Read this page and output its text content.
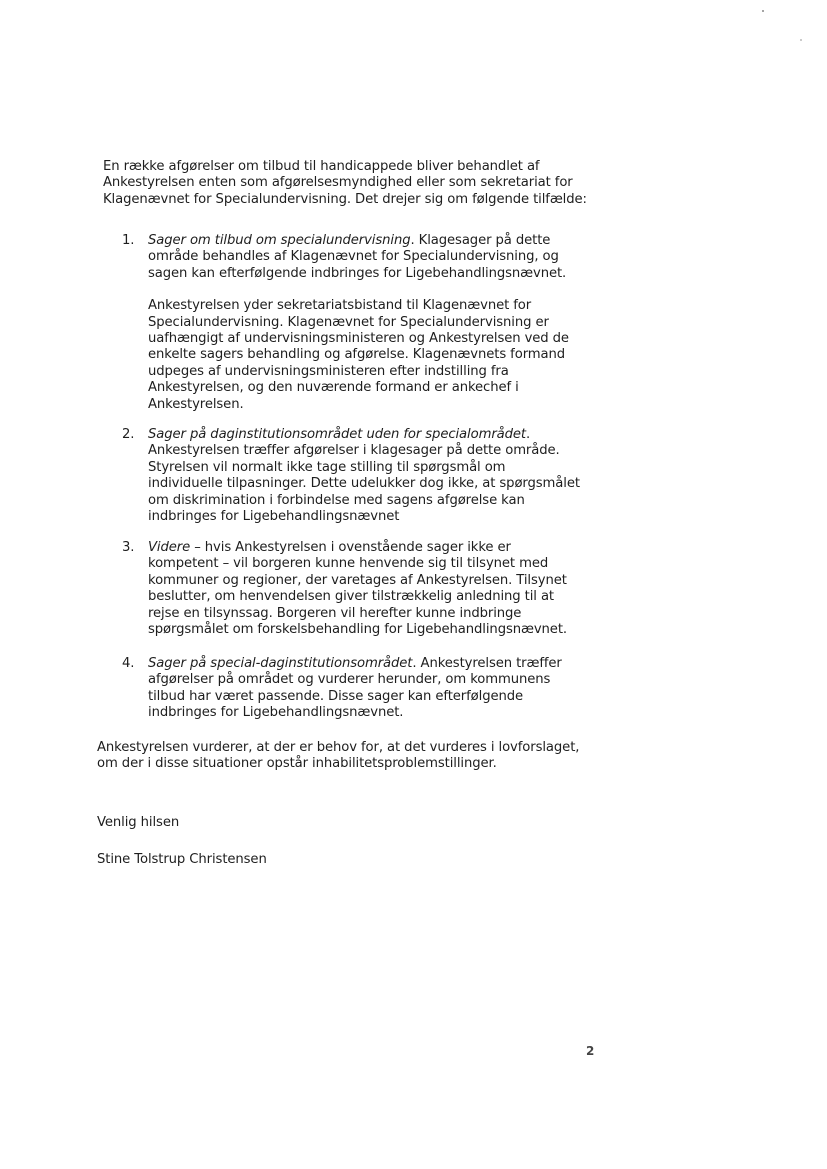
En række afgørelser om tilbud til handicappede bliver behandlet af
Ankestyrelsen enten som afgørelsesmyndighed eller som sekretariat for
Klagenævnet for Specialundervisning. Det drejer sig om følgende tilfælde:
1.	Sager om tilbud om specialundervisning. Klagesager på dette
område behandles af Klagenævnet for Specialundervisning, og
sagen kan efterfølgende indbringes for Ligebehandlingsnævnet.
Ankestyrelsen yder sekretariatsbistand til Klagenævnet for
Specialundervisning. Klagenævnet for Specialundervisning er
uafhængigt af undervisningsministeren og Ankestyrelsen ved de
enkelte sagers behandling og afgørelse. Klagenævnets formand
udpeges af undervisningsministeren efter indstilling fra
Ankestyrelsen, og den nuværende formand er ankechef i
Ankestyrelsen.
2.	Sager på daginstitutionsområdet uden for specialområdet.
Ankestyrelsen træffer afgørelser i klagesager på dette område.
Styrelsen vil normalt ikke tage stilling til spørgsmål om
individuelle tilpasninger. Dette udelukker dog ikke, at spørgsmålet
om diskrimination i forbindelse med sagens afgørelse kan
indbringes for Ligebehandlingsnævnet
3.	Videre – hvis Ankestyrelsen i ovenstående sager ikke er
kompetent – vil borgeren kunne henvende sig til tilsynet med
kommuner og regioner, der varetages af Ankestyrelsen. Tilsynet
beslutter, om henvendelsen giver tilstrækkelig anledning til at
rejse en tilsynssag. Borgeren vil herefter kunne indbringe
spørgsmålet om forskelsbehandling for Ligebehandlingsnævnet.
4.	Sager på special-daginstitutionsområdet. Ankestyrelsen træffer
afgørelser på området og vurderer herunder, om kommunens
tilbud har været passende. Disse sager kan efterfølgende
indbringes for Ligebehandlingsnævnet.
Ankestyrelsen vurderer, at der er behov for, at det vurderes i lovforslaget,
om der i disse situationer opstår inhabilitetsproblemstillinger.
Venlig hilsen
Stine Tolstrup Christensen
2
